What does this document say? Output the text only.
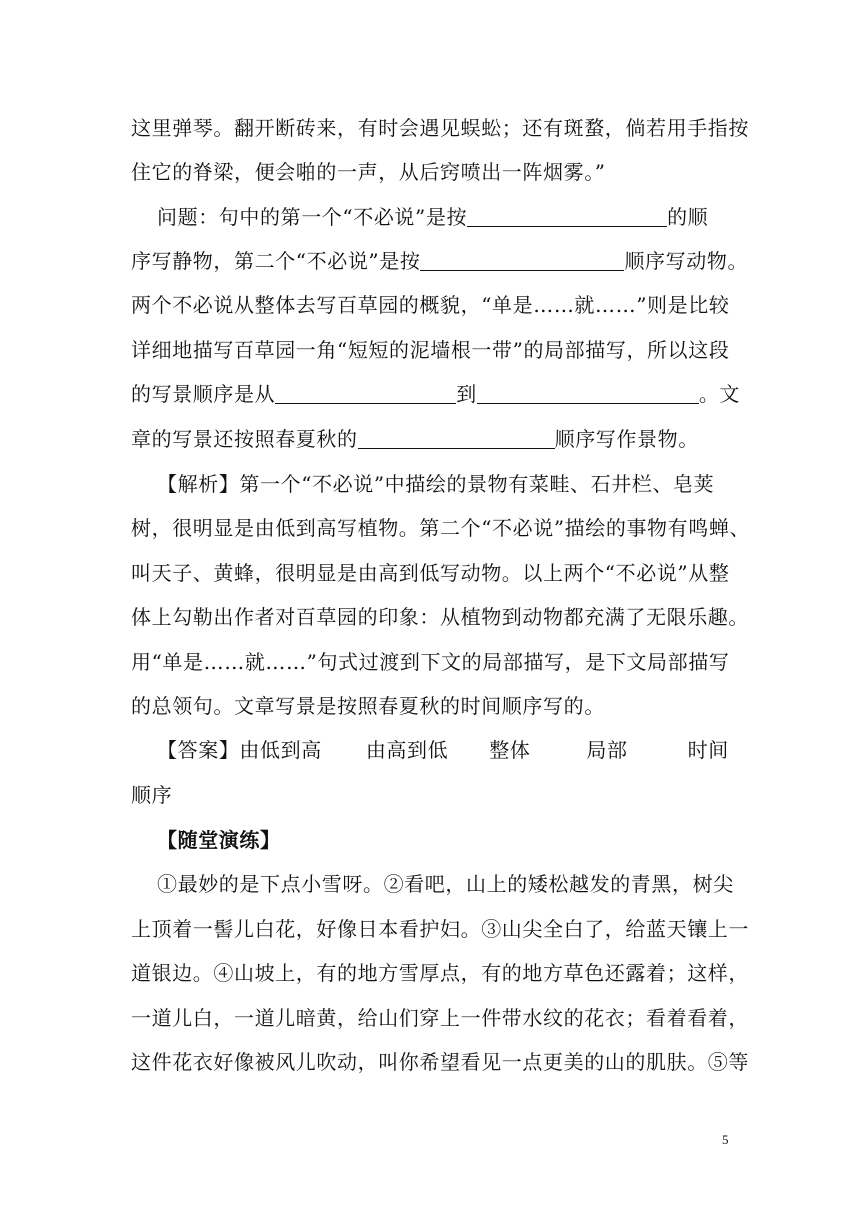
这里弹琴。翻开断砖来，有时会遇见蜈蚣；还有斑蝥，倘若用手指按
住它的脊梁，便会啪的一声，从后窍喷出一阵烟雾。”
问题：句中的第一个“不必说”是按	的顺
序写静物，第二个“不必说”是按	顺序写动物。
两个不必说从整体去写百草园的概貌，“单是……就……”则是比较
详细地描写百草园一角“短短的泥墙根一带”的局部描写，所以这段
的写景顺序是从	到	。文
章的写景还按照春夏秋的	顺序写作景物。
【解析】第一个“不必说”中描绘的景物有菜畦、石井栏、皂荚
树，很明显是由低到高写植物。第二个“不必说”描绘的事物有鸣蝉、
叫天子、黄蜂，很明显是由高到低写动物。以上两个“不必说”从整
体上勾勒出作者对百草园的印象：从植物到动物都充满了无限乐趣。
用“单是……就……”句式过渡到下文的局部描写，是下文局部描写
的总领句。文章写景是按照春夏秋的时间顺序写的。
【答案】由低到高 由高到低 整体	局部	时间
顺序
【随堂演练】
①最妙的是下点小雪呀。②看吧，山上的矮松越发的青黑，树尖
上顶着一髻儿白花，好像日本看护妇。③山尖全白了，给蓝天镶上一
道银边。④山坡上，有的地方雪厚点，有的地方草色还露着；这样，
一道儿白，一道儿暗黄，给山们穿上一件带水纹的花衣；看着看着，
这件花衣好像被风儿吹动，叫你希望看见一点更美的山的肌肤。⑤等
5
